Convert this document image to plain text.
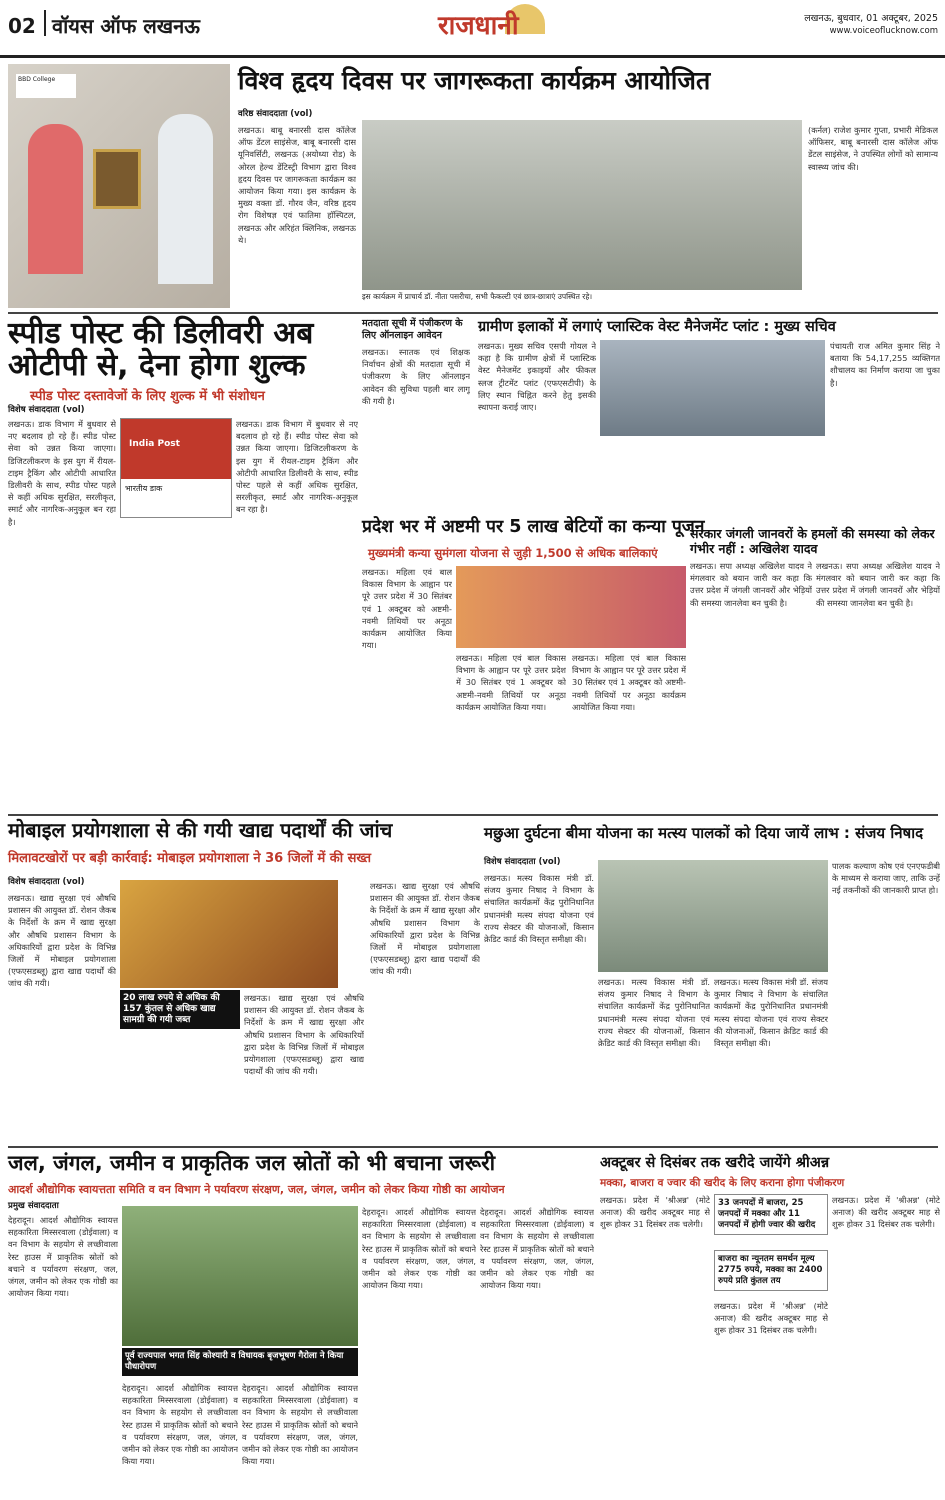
02 वॉयस ऑफ लखनऊ	राजधानी	लखनऊ, बुधवार, 01 अक्टूबर, 2025
www.voiceoflucknow.com
BBD College	विश्व हृदय दिवस पर जागरूकता कार्यक्रम आयोजित
वरिष्ठ संवाददाता (vol)
लखनऊ। बाबू बनारसी दास कॉलेज ऑफ डेंटल साइंसेज, बाबू बनारसी दास यूनिवर्सिटी, लखनऊ (अयोध्या रोड) के ओरल हेल्थ डेंटिस्ट्री विभाग द्वारा विश्व हृदय दिवस पर जागरूकता कार्यक्रम का आयोजन किया गया। इस कार्यक्रम के मुख्य वक्ता डॉ. गौरव जैन, वरिष्ठ हृदय रोग विशेषज्ञ एवं फातिमा हॉस्पिटल, लखनऊ और अरिहंत क्लिनिक, लखनऊ थे।
इस कार्यक्रम में प्राचार्य डॉ. नीता पसरीचा, सभी फैकल्टी एवं छात्र-छात्राएं उपस्थित रहे।
(कर्नल) राजेश कुमार गुप्ता, प्रभारी मेडिकल ऑफिसर, बाबू बनारसी दास कॉलेज ऑफ डेंटल साइंसेज, ने उपस्थित लोगों को सामान्य स्वास्थ्य जांच की।
स्पीड पोस्ट की डिलीवरी अब ओटीपी से, देना होगा शुल्क
स्पीड पोस्ट दस्तावेजों के लिए शुल्क में भी संशोधन
विशेष संवाददाता (vol)
लखनऊ। डाक विभाग में बुधवार से नए बदलाव हो रहे हैं। स्पीड पोस्ट सेवा को उन्नत किया जाएगा। डिजिटलीकरण के इस युग में रीयल-टाइम ट्रैकिंग और ओटीपी आधारित डिलीवरी के साथ, स्पीड पोस्ट पहले से कहीं अधिक सुरक्षित, सरलीकृत, स्मार्ट और नागरिक-अनुकूल बन रहा है।
India Post
भारतीय डाक
लखनऊ। डाक विभाग में बुधवार से नए बदलाव हो रहे हैं। स्पीड पोस्ट सेवा को उन्नत किया जाएगा। डिजिटलीकरण के इस युग में रीयल-टाइम ट्रैकिंग और ओटीपी आधारित डिलीवरी के साथ, स्पीड पोस्ट पहले से कहीं अधिक सुरक्षित, सरलीकृत, स्मार्ट और नागरिक-अनुकूल बन रहा है।
मतदाता सूची में पंजीकरण के लिए ऑनलाइन आवेदन
लखनऊ। स्नातक एवं शिक्षक निर्वाचन क्षेत्रों की मतदाता सूची में पंजीकरण के लिए ऑनलाइन आवेदन की सुविधा पहली बार लागू की गयी है।
ग्रामीण इलाकों में लगाएं प्लास्टिक वेस्ट मैनेजमेंट प्लांट : मुख्य सचिव
लखनऊ। मुख्य सचिव एसपी गोयल ने कहा है कि ग्रामीण क्षेत्रों में प्लास्टिक वेस्ट मैनेजमेंट इकाइयों और फीकल स्लज ट्रीटमेंट प्लांट (एफएसटीपी) के लिए स्थान चिह्नित करने हेतु इसकी स्थापना कराई जाए।
पंचायती राज अमित कुमार सिंह ने बताया कि 54,17,255 व्यक्तिगत शौचालय का निर्माण कराया जा चुका है।
प्रदेश भर में अष्टमी पर 5 लाख बेटियों का कन्या पूजन
मुख्यमंत्री कन्या सुमंगला योजना से जुड़ी 1,500 से अधिक बालिकाएं
लखनऊ। महिला एवं बाल विकास विभाग के आह्वान पर पूरे उत्तर प्रदेश में 30 सितंबर एवं 1 अक्टूबर को अष्टमी-नवमी तिथियों पर अनूठा कार्यक्रम आयोजित किया गया।
लखनऊ। महिला एवं बाल विकास विभाग के आह्वान पर पूरे उत्तर प्रदेश में 30 सितंबर एवं 1 अक्टूबर को अष्टमी-नवमी तिथियों पर अनूठा कार्यक्रम आयोजित किया गया।
लखनऊ। महिला एवं बाल विकास विभाग के आह्वान पर पूरे उत्तर प्रदेश में 30 सितंबर एवं 1 अक्टूबर को अष्टमी-नवमी तिथियों पर अनूठा कार्यक्रम आयोजित किया गया।
सरकार जंगली जानवरों के हमलों की समस्या को लेकर गंभीर नहीं : अखिलेश यादव
लखनऊ। सपा अध्यक्ष अखिलेश यादव ने मंगलवार को बयान जारी कर कहा कि उत्तर प्रदेश में जंगली जानवरों और भेड़ियों की समस्या जानलेवा बन चुकी है।
लखनऊ। सपा अध्यक्ष अखिलेश यादव ने मंगलवार को बयान जारी कर कहा कि उत्तर प्रदेश में जंगली जानवरों और भेड़ियों की समस्या जानलेवा बन चुकी है।
मोबाइल प्रयोगशाला से की गयी खाद्य पदार्थों की जांच
मिलावटखोरों पर बड़ी कार्रवाई: मोबाइल प्रयोगशाला ने 36 जिलों में की सख्त
विशेष संवाददाता (vol)
लखनऊ। खाद्य सुरक्षा एवं औषधि प्रशासन की आयुक्त डॉ. रोशन जैकब के निर्देशों के क्रम में खाद्य सुरक्षा और औषधि प्रशासन विभाग के अधिकारियों द्वारा प्रदेश के विभिन्न जिलों में मोबाइल प्रयोगशाला (एफएसडब्लू) द्वारा खाद्य पदार्थों की जांच की गयी।
20 लाख रुपये से अधिक की 157 कुंतल से अधिक खाद्य सामग्री की गयी जब्त
लखनऊ। खाद्य सुरक्षा एवं औषधि प्रशासन की आयुक्त डॉ. रोशन जैकब के निर्देशों के क्रम में खाद्य सुरक्षा और औषधि प्रशासन विभाग के अधिकारियों द्वारा प्रदेश के विभिन्न जिलों में मोबाइल प्रयोगशाला (एफएसडब्लू) द्वारा खाद्य पदार्थों की जांच की गयी।
लखनऊ। खाद्य सुरक्षा एवं औषधि प्रशासन की आयुक्त डॉ. रोशन जैकब के निर्देशों के क्रम में खाद्य सुरक्षा और औषधि प्रशासन विभाग के अधिकारियों द्वारा प्रदेश के विभिन्न जिलों में मोबाइल प्रयोगशाला (एफएसडब्लू) द्वारा खाद्य पदार्थों की जांच की गयी।
मछुआ दुर्घटना बीमा योजना का मत्स्य पालकों को दिया जायें लाभ : संजय निषाद
विशेष संवाददाता (vol)
लखनऊ। मत्स्य विकास मंत्री डॉ. संजय कुमार निषाद ने विभाग के संचालित कार्यक्रमों केंद्र पुरोनिधानित प्रधानमंत्री मत्स्य संपदा योजना एवं राज्य सेक्टर की योजनाओं, किसान क्रेडिट कार्ड की विस्तृत समीक्षा की।
लखनऊ। मत्स्य विकास मंत्री डॉ. संजय कुमार निषाद ने विभाग के संचालित कार्यक्रमों केंद्र पुरोनिधानित प्रधानमंत्री मत्स्य संपदा योजना एवं राज्य सेक्टर की योजनाओं, किसान क्रेडिट कार्ड की विस्तृत समीक्षा की।
लखनऊ। मत्स्य विकास मंत्री डॉ. संजय कुमार निषाद ने विभाग के संचालित कार्यक्रमों केंद्र पुरोनिधानित प्रधानमंत्री मत्स्य संपदा योजना एवं राज्य सेक्टर की योजनाओं, किसान क्रेडिट कार्ड की विस्तृत समीक्षा की।
पालक कल्याण कोष एवं एनएफडीबी के माध्यम से कराया जाए, ताकि उन्हें नई तकनीकों की जानकारी प्राप्त हो।
जल, जंगल, जमीन व प्राकृतिक जल स्रोतों को भी बचाना जरूरी
आदर्श औद्योगिक स्वायत्तता समिति व वन विभाग ने पर्यावरण संरक्षण, जल, जंगल, जमीन को लेकर किया गोष्ठी का आयोजन
प्रमुख संवाददाता
देहरादून। आदर्श औद्योगिक स्वायत्त सहकारिता मिस्सरवाला (डोईवाला) व वन विभाग के सहयोग से लच्छीवाला रेस्ट हाउस में प्राकृतिक स्रोतों को बचाने व पर्यावरण संरक्षण, जल, जंगल, जमीन को लेकर एक गोष्ठी का आयोजन किया गया।
पूर्व राज्यपाल भगत सिंह कोश्यारी व विधायक बृजभूषण गैरोला ने किया पौधारोपण
देहरादून। आदर्श औद्योगिक स्वायत्त सहकारिता मिस्सरवाला (डोईवाला) व वन विभाग के सहयोग से लच्छीवाला रेस्ट हाउस में प्राकृतिक स्रोतों को बचाने व पर्यावरण संरक्षण, जल, जंगल, जमीन को लेकर एक गोष्ठी का आयोजन किया गया।
देहरादून। आदर्श औद्योगिक स्वायत्त सहकारिता मिस्सरवाला (डोईवाला) व वन विभाग के सहयोग से लच्छीवाला रेस्ट हाउस में प्राकृतिक स्रोतों को बचाने व पर्यावरण संरक्षण, जल, जंगल, जमीन को लेकर एक गोष्ठी का आयोजन किया गया।
देहरादून। आदर्श औद्योगिक स्वायत्त सहकारिता मिस्सरवाला (डोईवाला) व वन विभाग के सहयोग से लच्छीवाला रेस्ट हाउस में प्राकृतिक स्रोतों को बचाने व पर्यावरण संरक्षण, जल, जंगल, जमीन को लेकर एक गोष्ठी का आयोजन किया गया।
देहरादून। आदर्श औद्योगिक स्वायत्त सहकारिता मिस्सरवाला (डोईवाला) व वन विभाग के सहयोग से लच्छीवाला रेस्ट हाउस में प्राकृतिक स्रोतों को बचाने व पर्यावरण संरक्षण, जल, जंगल, जमीन को लेकर एक गोष्ठी का आयोजन किया गया।
अक्टूबर से दिसंबर तक खरीदे जायेंगे श्रीअन्न
मक्का, बाजरा व ज्वार की खरीद के लिए कराना होगा पंजीकरण
लखनऊ। प्रदेश में 'श्रीअन्न' (मोटे अनाज) की खरीद अक्टूबर माह से शुरू होकर 31 दिसंबर तक चलेगी।
33 जनपदों में बाजरा, 25 जनपदों में मक्का और 11 जनपदों में होगी ज्वार की खरीद
बाजरा का न्यूनतम समर्थन मूल्य 2775 रुपये, मक्का का 2400 रुपये प्रति कुंतल तय
लखनऊ। प्रदेश में 'श्रीअन्न' (मोटे अनाज) की खरीद अक्टूबर माह से शुरू होकर 31 दिसंबर तक चलेगी।
लखनऊ। प्रदेश में 'श्रीअन्न' (मोटे अनाज) की खरीद अक्टूबर माह से शुरू होकर 31 दिसंबर तक चलेगी।
